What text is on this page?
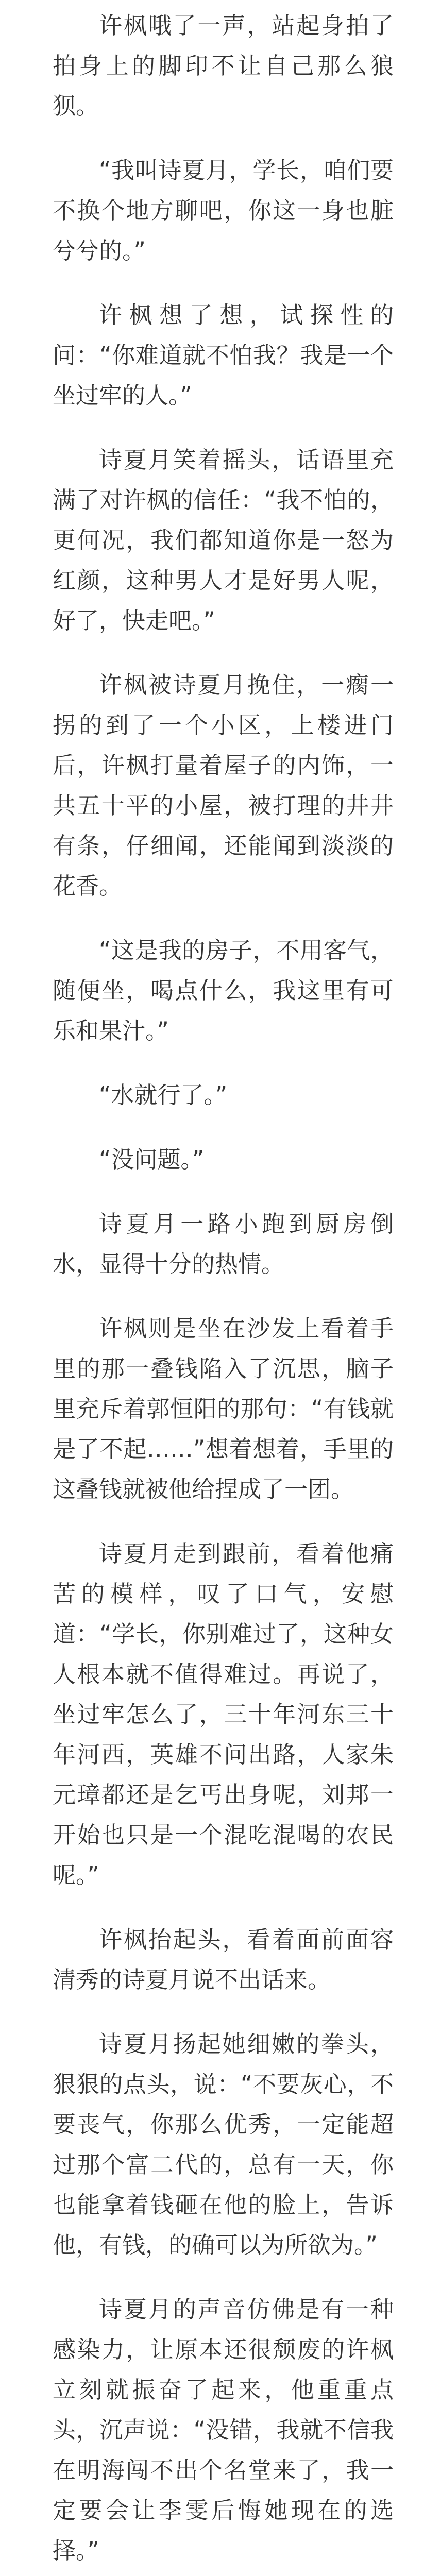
许枫哦了一声，站起身拍了拍身上的脚印不让自己那么狼狈。

“我叫诗夏月，学长，咱们要不换个地方聊吧，你这一身也脏兮兮的。”

许枫想了想，试探性的问：“你难道就不怕我？我是一个坐过牢的人。”

诗夏月笑着摇头，话语里充满了对许枫的信任：“我不怕的，更何况，我们都知道你是一怒为红颜，这种男人才是好男人呢，好了，快走吧。”

许枫被诗夏月挽住，一瘸一拐的到了一个小区，上楼进门后，许枫打量着屋子的内饰，一共五十平的小屋，被打理的井井有条，仔细闻，还能闻到淡淡的花香。

“这是我的房子，不用客气，随便坐，喝点什么，我这里有可乐和果汁。”

“水就行了。”

“没问题。”

诗夏月一路小跑到厨房倒水，显得十分的热情。

许枫则是坐在沙发上看着手里的那一叠钱陷入了沉思，脑子里充斥着郭恒阳的那句：“有钱就是了不起……”想着想着，手里的这叠钱就被他给捏成了一团。

诗夏月走到跟前，看着他痛苦的模样，叹了口气，安慰道：“学长，你别难过了，这种女人根本就不值得难过。再说了，坐过牢怎么了，三十年河东三十年河西，英雄不问出路，人家朱元璋都还是乞丐出身呢，刘邦一开始也只是一个混吃混喝的农民呢。”

许枫抬起头，看着面前面容清秀的诗夏月说不出话来。

诗夏月扬起她细嫩的拳头，狠狠的点头，说：“不要灰心，不要丧气，你那么优秀，一定能超过那个富二代的，总有一天，你也能拿着钱砸在他的脸上，告诉他，有钱，的确可以为所欲为。”

诗夏月的声音仿佛是有一种感染力，让原本还很颓废的许枫立刻就振奋了起来，他重重点头，沉声说：“没错，我就不信我在明海闯不出个名堂来了，我一定要会让李雯后悔她现在的选择。”
